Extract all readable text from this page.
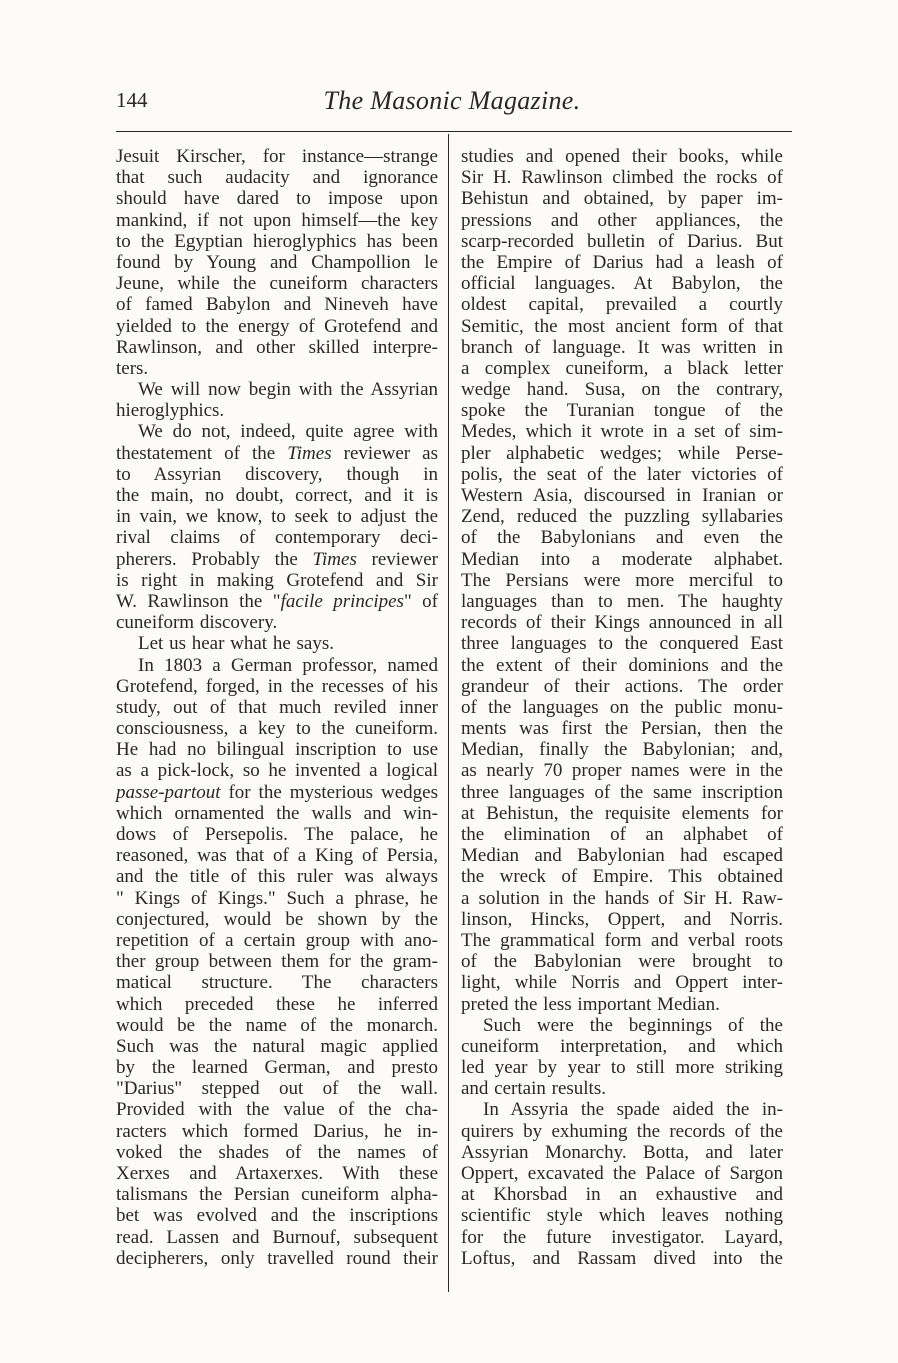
144	The Masonic Magazine.
Jesuit Kirscher, for instance—strange
that such audacity and ignorance
should have dared to impose upon
mankind, if not upon himself—the key
to the Egyptian hieroglyphics has been
found by Young and Champollion le
Jeune, while the cuneiform characters
of famed Babylon and Nineveh have
yielded to the energy of Grotefend and
Rawlinson, and other skilled interpre-
ters.
We will now begin with the Assyrian
hieroglyphics.
We do not, indeed, quite agree with
thestatement of the Times reviewer as
to Assyrian discovery, though in
the main, no doubt, correct, and it is
in vain, we know, to seek to adjust the
rival claims of contemporary deci-
pherers. Probably the Times reviewer
is right in making Grotefend and Sir
W. Rawlinson the "facile principes" of
cuneiform discovery.
Let us hear what he says.
In 1803 a German professor, named
Grotefend, forged, in the recesses of his
study, out of that much reviled inner
consciousness, a key to the cuneiform.
He had no bilingual inscription to use
as a pick-lock, so he invented a logical
passe-partout for the mysterious wedges
which ornamented the walls and win-
dows of Persepolis. The palace, he
reasoned, was that of a King of Persia,
and the title of this ruler was always
" Kings of Kings." Such a phrase, he
conjectured, would be shown by the
repetition of a certain group with ano-
ther group between them for the gram-
matical structure. The characters
which preceded these he inferred
would be the name of the monarch.
Such was the natural magic applied
by the learned German, and presto
"Darius" stepped out of the wall.
Provided with the value of the cha-
racters which formed Darius, he in-
voked the shades of the names of
Xerxes and Artaxerxes. With these
talismans the Persian cuneiform alpha-
bet was evolved and the inscriptions
read. Lassen and Burnouf, subsequent
decipherers, only travelled round their
studies and opened their books, while
Sir H. Rawlinson climbed the rocks of
Behistun and obtained, by paper im-
pressions and other appliances, the
scarp-recorded bulletin of Darius. But
the Empire of Darius had a leash of
official languages. At Babylon, the
oldest capital, prevailed a courtly
Semitic, the most ancient form of that
branch of language. It was written in
a complex cuneiform, a black letter
wedge hand. Susa, on the contrary,
spoke the Turanian tongue of the
Medes, which it wrote in a set of sim-
pler alphabetic wedges; while Perse-
polis, the seat of the later victories of
Western Asia, discoursed in Iranian or
Zend, reduced the puzzling syllabaries
of the Babylonians and even the
Median into a moderate alphabet.
The Persians were more merciful to
languages than to men. The haughty
records of their Kings announced in all
three languages to the conquered East
the extent of their dominions and the
grandeur of their actions. The order
of the languages on the public monu-
ments was first the Persian, then the
Median, finally the Babylonian; and,
as nearly 70 proper names were in the
three languages of the same inscription
at Behistun, the requisite elements for
the elimination of an alphabet of
Median and Babylonian had escaped
the wreck of Empire. This obtained
a solution in the hands of Sir H. Raw-
linson, Hincks, Oppert, and Norris.
The grammatical form and verbal roots
of the Babylonian were brought to
light, while Norris and Oppert inter-
preted the less important Median.
Such were the beginnings of the
cuneiform interpretation, and which
led year by year to still more striking
and certain results.
In Assyria the spade aided the in-
quirers by exhuming the records of the
Assyrian Monarchy. Botta, and later
Oppert, excavated the Palace of Sargon
at Khorsbad in an exhaustive and
scientific style which leaves nothing
for the future investigator. Layard,
Loftus, and Rassam dived into the
